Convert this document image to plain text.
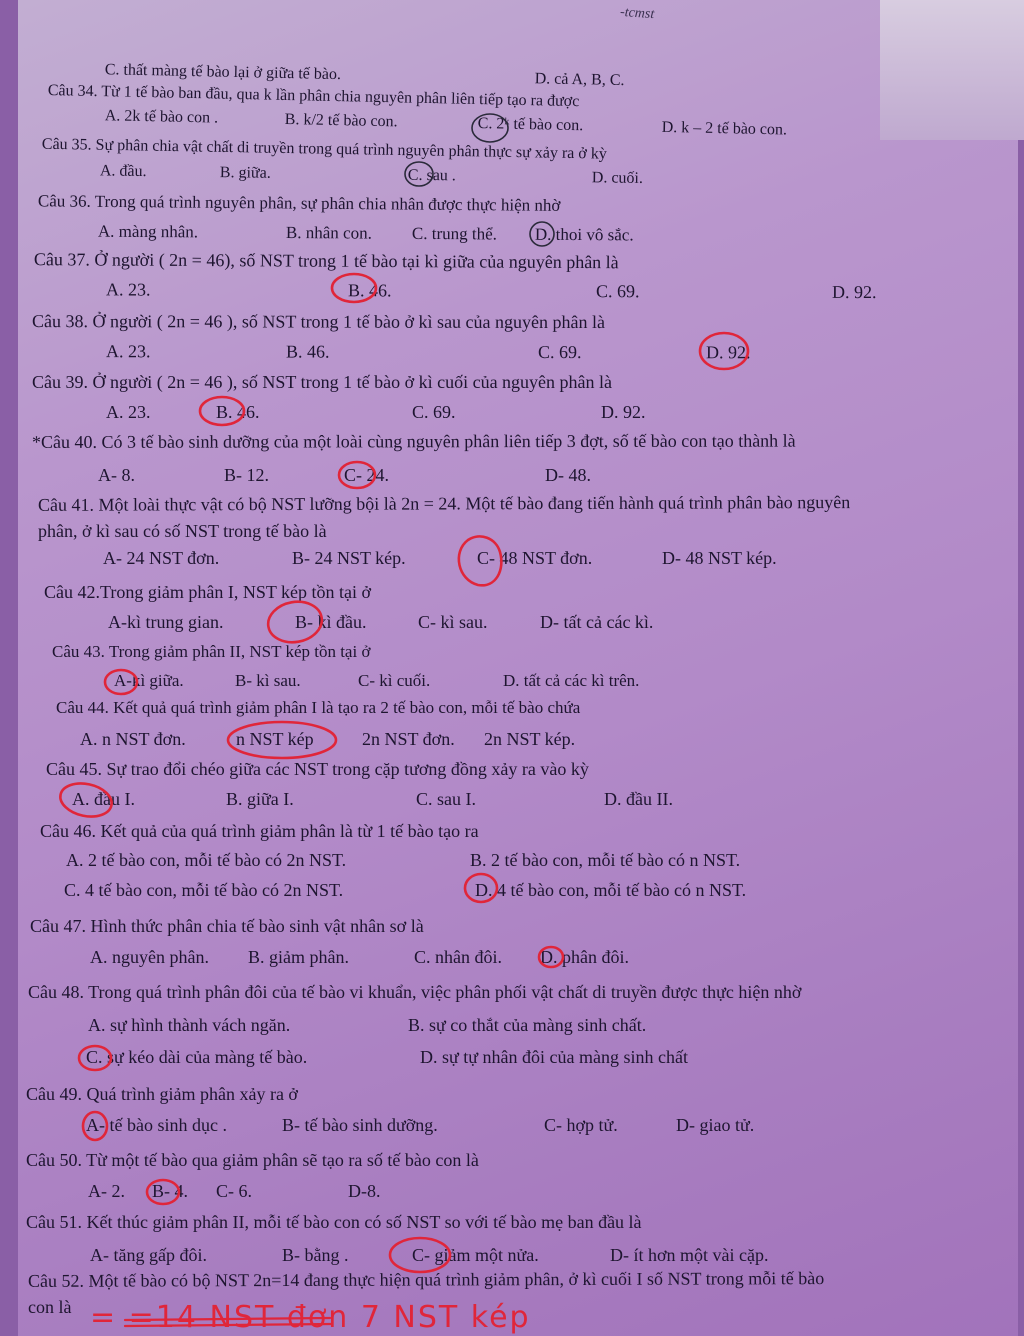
-tcmst
C. thất màng tế bào lại ở giữa tế bào.	D. cả A, B, C.
Câu 34. Từ 1 tế bào ban đầu, qua k lần phân chia nguyên phân liên tiếp tạo ra được
A. 2k tế bào con .	B. k/2 tế bào con.	C. 2ᵏ tế bào con.	D. k – 2 tế bào con.
Câu 35. Sự phân chia vật chất di truyền trong quá trình nguyên phân thực sự xảy ra ở kỳ
A. đầu.	B. giữa.	C. sau .	D. cuối.
Câu 36. Trong quá trình nguyên phân, sự phân chia nhân được thực hiện nhờ
A. màng nhân.	B. nhân con. C. trung thể. D. thoi vô sắc.
Câu 37. Ở người ( 2n = 46), số NST trong 1 tế bào tại kì giữa của nguyên phân là
A. 23.	B. 46.	C. 69.	D. 92.
Câu 38. Ở người ( 2n = 46 ), số NST trong 1 tế bào ở kì sau của nguyên phân là
A. 23.	B. 46.	C. 69.	D. 92.
Câu 39. Ở người ( 2n = 46 ), số NST trong 1 tế bào ở kì cuối của nguyên phân là
A. 23.	B. 46.	C. 69.	D. 92.
*Câu 40. Có 3 tế bào sinh dưỡng của một loài cùng nguyên phân liên tiếp 3 đợt, số tế bào con tạo thành là
A- 8.	B- 12.	C- 24.	D- 48.
Câu 41. Một loài thực vật có bộ NST lưỡng bội là 2n = 24. Một tế bào đang tiến hành quá trình phân bào nguyên
phân, ở kì sau có số NST trong tế bào là
A- 24 NST đơn.	B- 24 NST kép.	C- 48 NST đơn.	D- 48 NST kép.
Câu 42.Trong giảm phân I, NST kép tồn tại ở
A-kì trung gian.	B- kì đầu.	C- kì sau.	D- tất cả các kì.
Câu 43. Trong giảm phân II, NST kép tồn tại ở
A-kì giữa.	B- kì sau.	C- kì cuối.	D. tất cả các kì trên.
Câu 44. Kết quả quá trình giảm phân I là tạo ra 2 tế bào con, mỗi tế bào chứa
A. n NST đơn.	n NST kép	2n NST đơn. 2n NST kép.
Câu 45. Sự trao đổi chéo giữa các NST trong cặp tương đồng xảy ra vào kỳ
A. đầu I.	B. giữa I.	C. sau I.	D. đầu II.
Câu 46. Kết quả của quá trình giảm phân là từ 1 tế bào tạo ra
A. 2 tế bào con, mỗi tế bào có 2n NST.	B. 2 tế bào con, mỗi tế bào có n NST.
C. 4 tế bào con, mỗi tế bào có 2n NST.	D. 4 tế bào con, mỗi tế bào có n NST.
Câu 47. Hình thức phân chia tế bào sinh vật nhân sơ là
A. nguyên phân. B. giảm phân.	C. nhân đôi. D. phân đôi.
Câu 48. Trong quá trình phân đôi của tế bào vi khuẩn, việc phân phối vật chất di truyền được thực hiện nhờ
A. sự hình thành vách ngăn.	B. sự co thắt của màng sinh chất.
C. sự kéo dài của màng tế bào.	D. sự tự nhân đôi của màng sinh chất
Câu 49. Quá trình giảm phân xảy ra ở
A- tế bào sinh dục .	B- tế bào sinh dưỡng.	C- hợp tử.	D- giao tử.
Câu 50. Từ một tế bào qua giảm phân sẽ tạo ra số tế bào con là
A- 2. B- 4. C- 6.	D-8.
Câu 51. Kết thúc giảm phân II, mỗi tế bào con có số NST so với tế bào mẹ ban đầu là
A- tăng gấp đôi.	B- bằng .	C- giảm một nửa.	D- ít hơn một vài cặp.
Câu 52. Một tế bào có bộ NST 2n=14 đang thực hiện quá trình giảm phân, ở kì cuối I số NST trong mỗi tế bào
con là = =14 NST đơn 7 NST kép
